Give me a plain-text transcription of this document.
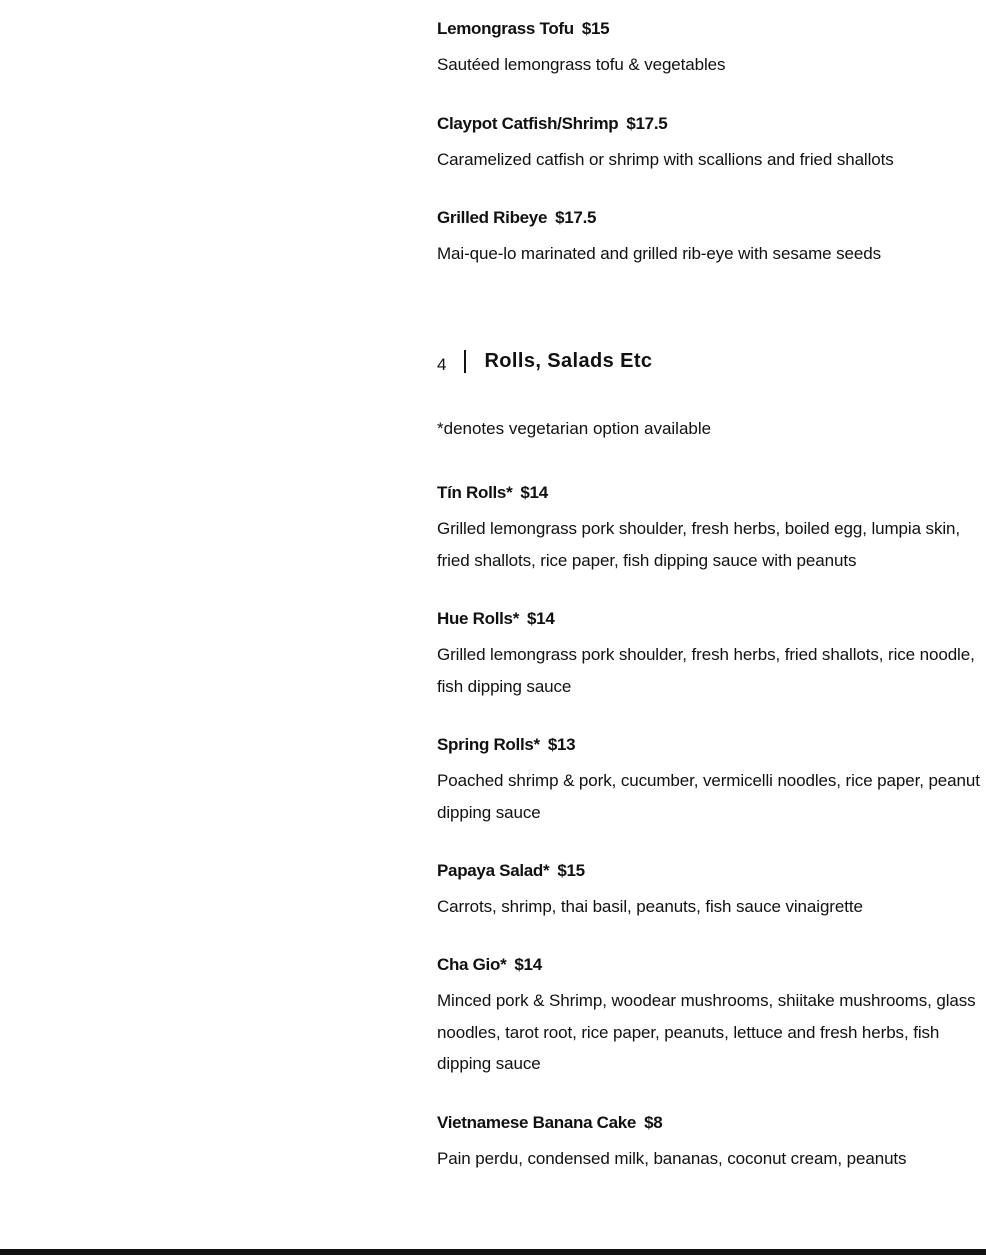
Lemongrass Tofu $15
Sautéed lemongrass tofu & vegetables
Claypot Catfish/Shrimp $17.5
Caramelized catfish or shrimp with scallions and fried shallots
Grilled Ribeye $17.5
Mai-que-lo marinated and grilled rib-eye with sesame seeds
4 Rolls, Salads Etc
*denotes vegetarian option available
Tín Rolls* $14
Grilled lemongrass pork shoulder, fresh herbs, boiled egg, lumpia skin, fried shallots, rice paper, fish dipping sauce with peanuts
Hue Rolls* $14
Grilled lemongrass pork shoulder, fresh herbs, fried shallots, rice noodle, fish dipping sauce
Spring Rolls* $13
Poached shrimp & pork, cucumber, vermicelli noodles, rice paper, peanut dipping sauce
Papaya Salad* $15
Carrots, shrimp, thai basil, peanuts, fish sauce vinaigrette
Cha Gio* $14
Minced pork & Shrimp, woodear mushrooms, shiitake mushrooms, glass noodles, tarot root, rice paper, peanuts, lettuce and fresh herbs, fish dipping sauce
Vietnamese Banana Cake $8
Pain perdu, condensed milk, bananas, coconut cream, peanuts
